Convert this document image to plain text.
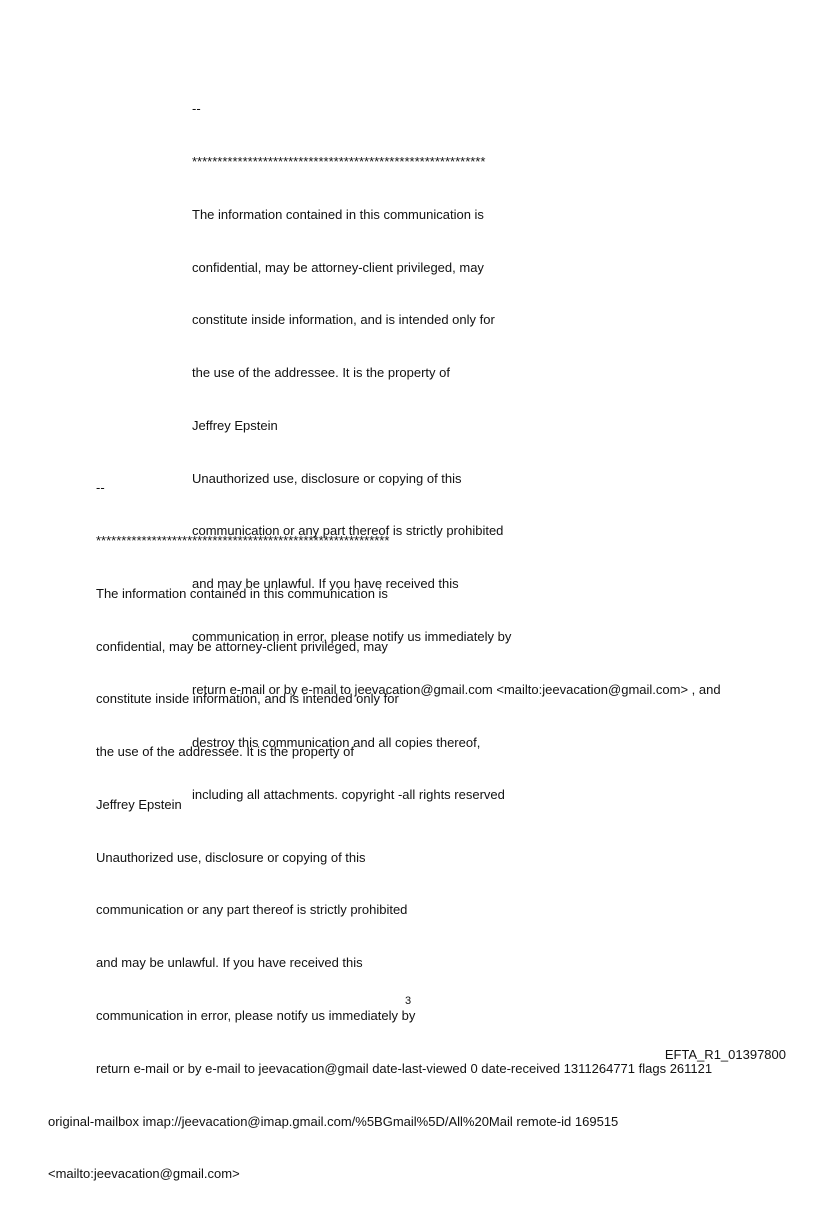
--

**********************************************************

The information contained in this communication is

confidential, may be attorney-client privileged, may

constitute inside information, and is intended only for

the use of the addressee. It is the property of

Jeffrey Epstein

Unauthorized use, disclosure or copying of this

communication or any part thereof is strictly prohibited

and may be unlawful. If you have received this

communication in error, please notify us immediately by

return e-mail or by e-mail to jeevacation@gmail.com <mailto:jeevacation@gmail.com> , and

destroy this communication and all copies thereof,

including all attachments. copyright -all rights reserved

--

**********************************************************

The information contained in this communication is

confidential, may be attorney-client privileged, may

constitute inside information, and is intended only for

the use of the addressee. It is the property of

Jeffrey Epstein

Unauthorized use, disclosure or copying of this

communication or any part thereof is strictly prohibited

and may be unlawful. If you have received this

communication in error, please notify us immediately by

return e-mail or by e-mail to jeevacation@gmail date-last-viewed 0 date-received 1311264771 flags 261121

original-mailbox imap://jeevacation@imap.gmail.com/%5BGmail%5D/All%20Mail remote-id 169515

<mailto:jeevacation@gmail.com>

3
EFTA_R1_01397800
